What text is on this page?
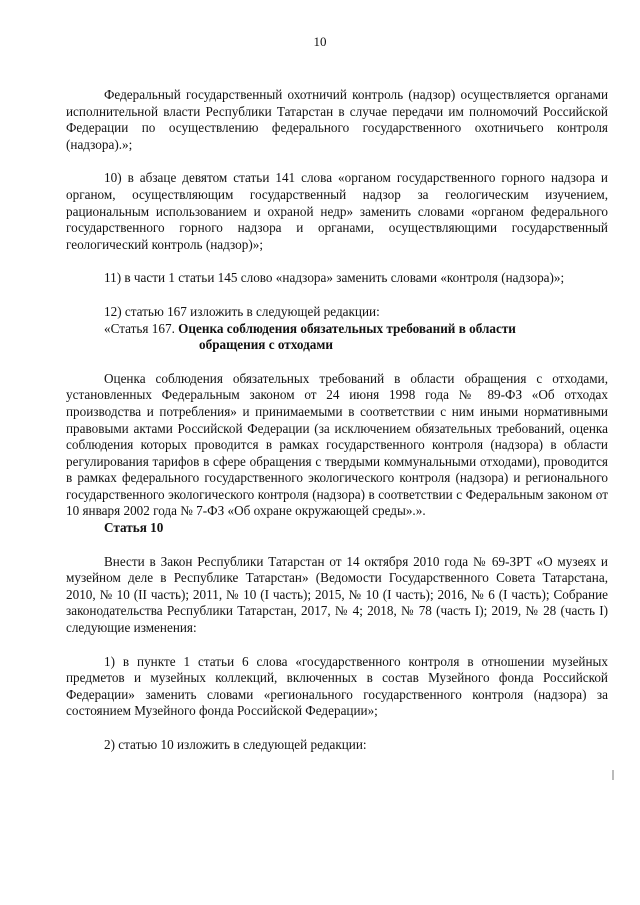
10

Федеральный государственный охотничий контроль (надзор) осуществляется органами исполнительной власти Республики Татарстан в случае передачи им полномочий Российской Федерации по осуществлению федерального государственного охотничьего контроля (надзора).»;

10) в абзаце девятом статьи 141 слова «органом государственного горного надзора и органом, осуществляющим государственный надзор за геологическим изучением, рациональным использованием и охраной недр» заменить словами «органом федерального государственного горного надзора и органами, осуществляющими государственный геологический контроль (надзор)»;

11) в части 1 статьи 145 слово «надзора» заменить словами «контроля (надзора)»;

12) статью 167 изложить в следующей редакции:

«Статья 167. Оценка соблюдения обязательных требований в области

обращения с отходами

Оценка соблюдения обязательных требований в области обращения с отходами, установленных Федеральным законом от 24 июня 1998 года № 89-ФЗ «Об отходах производства и потребления» и принимаемыми в соответствии с ним иными нормативными правовыми актами Российской Федерации (за исключением обязательных требований, оценка соблюдения которых проводится в рамках государственного контроля (надзора) в области регулирования тарифов в сфере обращения с твердыми коммунальными отходами), проводится в рамках федерального государственного экологического контроля (надзора) и регионального государственного экологического контроля (надзора) в соответствии с Федеральным законом от 10 января 2002 года № 7-ФЗ «Об охране окружающей среды».».

Статья 10

Внести в Закон Республики Татарстан от 14 октября 2010 года № 69-ЗРТ «О музеях и музейном деле в Республике Татарстан» (Ведомости Государственного Совета Татарстана, 2010, № 10 (II часть); 2011, № 10 (I часть); 2015, № 10 (I часть); 2016, № 6 (I часть); Собрание законодательства Республики Татарстан, 2017, № 4; 2018, № 78 (часть I); 2019, № 28 (часть I) следующие изменения:

1) в пункте 1 статьи 6 слова «государственного контроля в отношении музейных предметов и музейных коллекций, включенных в состав Музейного фонда Российской Федерации» заменить словами «регионального государственного контроля (надзора) за состоянием Музейного фонда Российской Федерации»;

2) статью 10 изложить в следующей редакции:
